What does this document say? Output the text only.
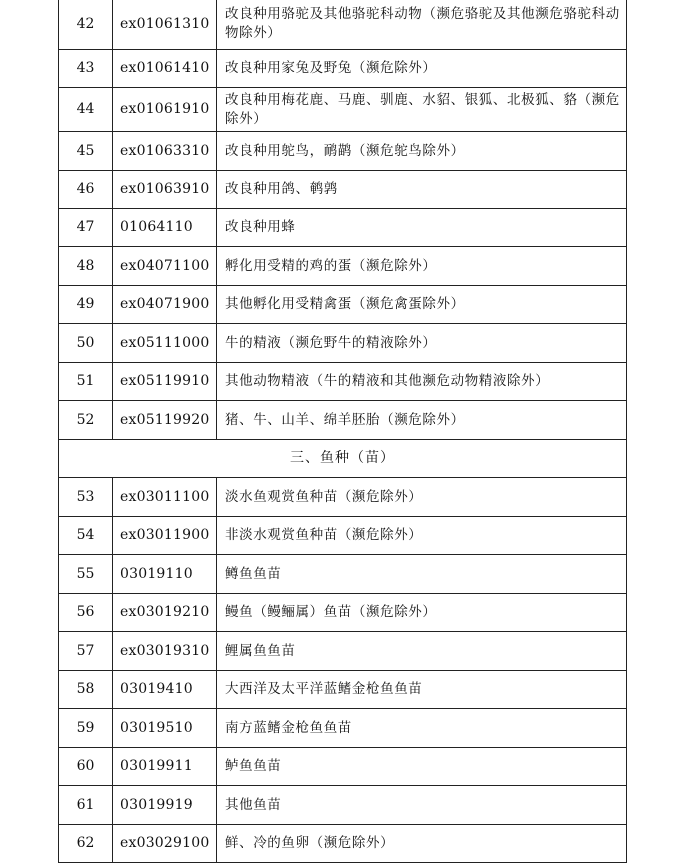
42	ex01061310	改良种用骆驼及其他骆驼科动物（濒危骆驼及其他濒危骆驼科动物除外）
43	ex01061410	改良种用家兔及野兔（濒危除外）
44	ex01061910	改良种用梅花鹿、马鹿、驯鹿、水貂、银狐、北极狐、貉（濒危除外）
45	ex01063310	改良种用鸵鸟，鸸鹋（濒危鸵鸟除外）
46	ex01063910	改良种用鸽、鹌鹑
47	01064110	改良种用蜂
48	ex04071100	孵化用受精的鸡的蛋（濒危除外）
49	ex04071900	其他孵化用受精禽蛋（濒危禽蛋除外）
50	ex05111000	牛的精液（濒危野牛的精液除外）
51	ex05119910	其他动物精液（牛的精液和其他濒危动物精液除外）
52	ex05119920	猪、牛、山羊、绵羊胚胎（濒危除外）
三、鱼种（苗）		
53	ex03011100	淡水鱼观赏鱼种苗（濒危除外）
54	ex03011900	非淡水观赏鱼种苗（濒危除外）
55	03019110	鳟鱼鱼苗
56	ex03019210	鳗鱼（鳗鲡属）鱼苗（濒危除外）
57	ex03019310	鲤属鱼鱼苗
58	03019410	大西洋及太平洋蓝鳍金枪鱼鱼苗
59	03019510	南方蓝鳍金枪鱼鱼苗
60	03019911	鲈鱼鱼苗
61	03019919	其他鱼苗
62	ex03029100	鲜、冷的鱼卵（濒危除外）
